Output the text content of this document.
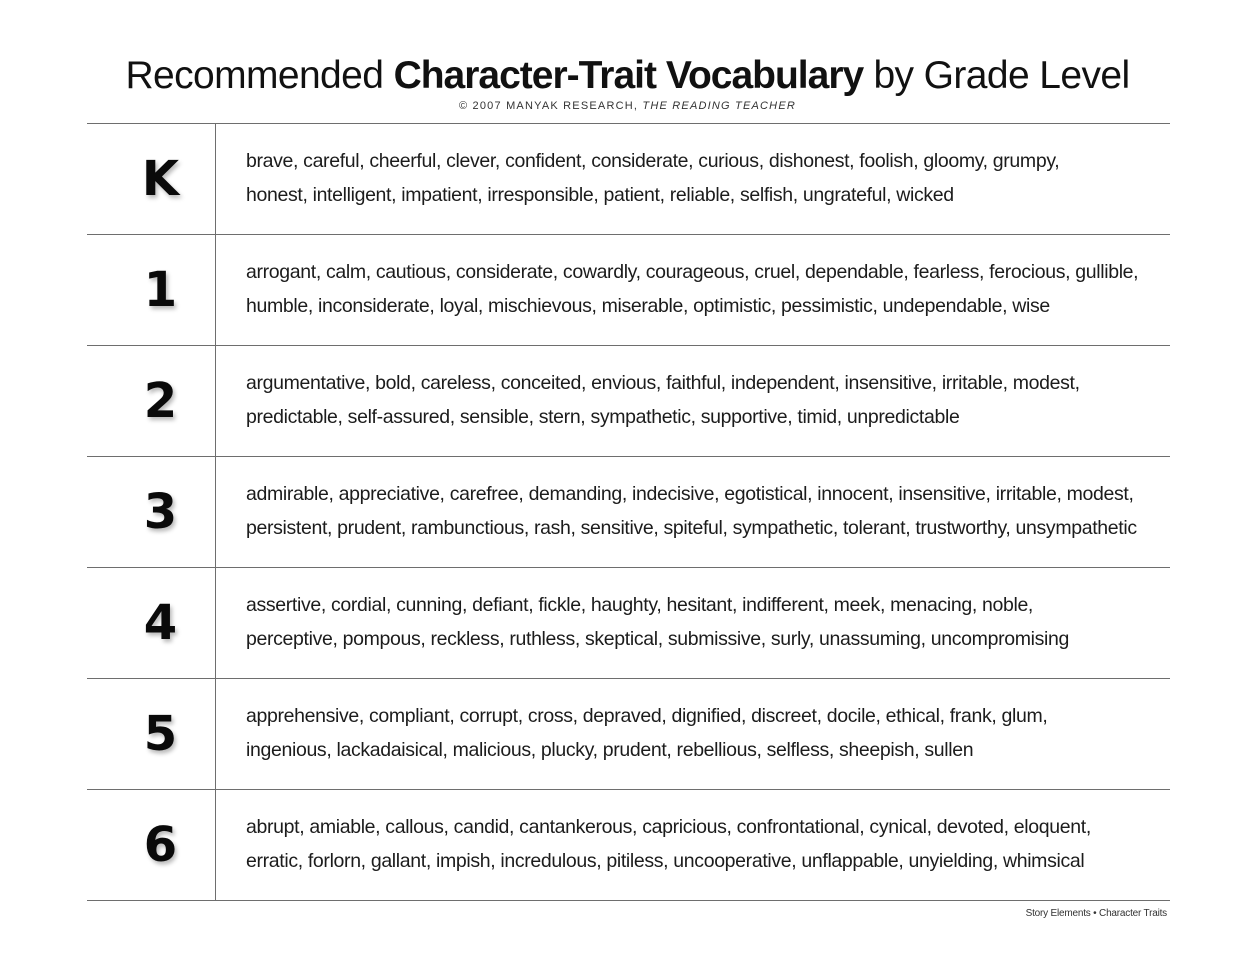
Recommended Character-Trait Vocabulary by Grade Level
© 2007 MANYAK RESEARCH, THE READING TEACHER
K	brave, careful, cheerful, clever, confident, considerate, curious, dishonest, foolish, gloomy, grumpy,
honest, intelligent, impatient, irresponsible, patient, reliable, selfish, ungrateful, wicked
1	arrogant, calm, cautious, considerate, cowardly, courageous, cruel, dependable, fearless, ferocious, gullible,
humble, inconsiderate, loyal, mischievous, miserable, optimistic, pessimistic, undependable, wise
2	argumentative, bold, careless, conceited, envious, faithful, independent, insensitive, irritable, modest,
predictable, self-assured, sensible, stern, sympathetic, supportive, timid, unpredictable
3	admirable, appreciative, carefree, demanding, indecisive, egotistical, innocent, insensitive, irritable, modest,
persistent, prudent, rambunctious, rash, sensitive, spiteful, sympathetic, tolerant, trustworthy, unsympathetic
4	assertive, cordial, cunning, defiant, fickle, haughty, hesitant, indifferent, meek, menacing, noble,
perceptive, pompous, reckless, ruthless, skeptical, submissive, surly, unassuming, uncompromising
5	apprehensive, compliant, corrupt, cross, depraved, dignified, discreet, docile, ethical, frank, glum,
ingenious, lackadaisical, malicious, plucky, prudent, rebellious, selfless, sheepish, sullen
6	abrupt, amiable, callous, candid, cantankerous, capricious, confrontational, cynical, devoted, eloquent,
erratic, forlorn, gallant, impish, incredulous, pitiless, uncooperative, unflappable, unyielding, whimsical
Story Elements • Character Traits
